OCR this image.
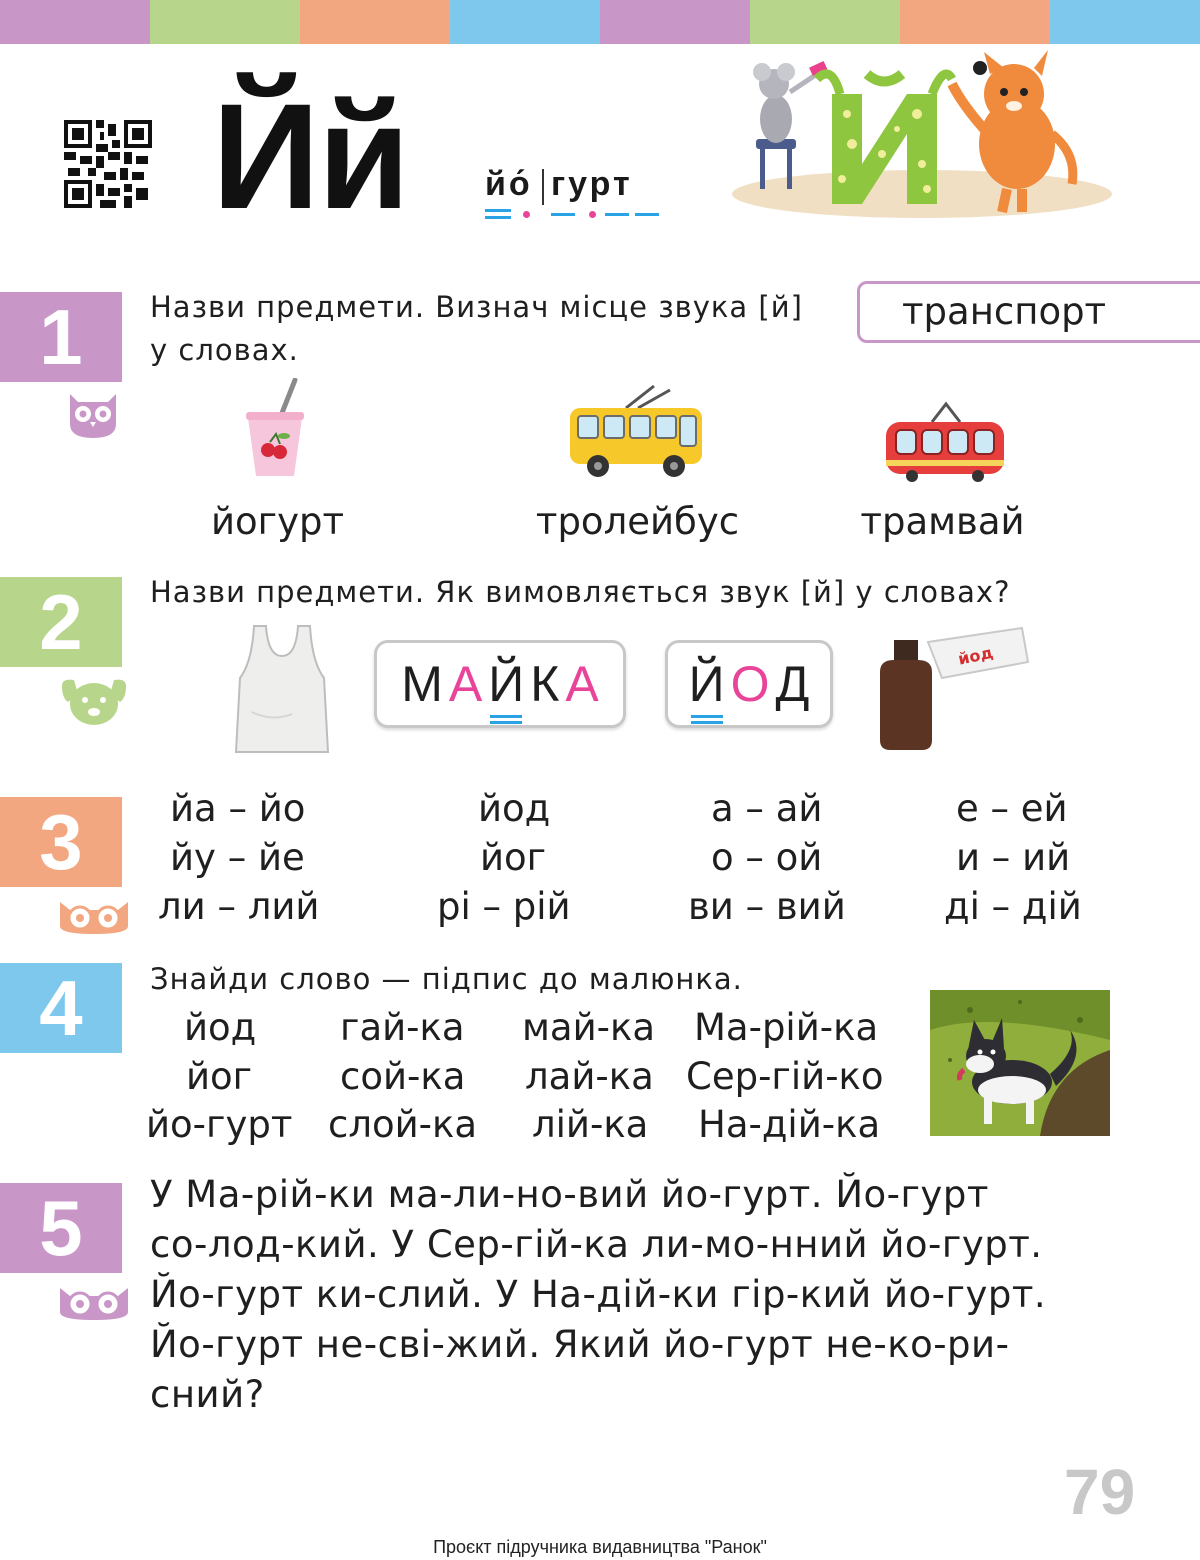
Йй йо́ гурт
1 Назви предмети. Визнач місце звука [й]
у словах.
транспорт
йогурт	тролейбус	трамвай
2 Назви предмети. Як вимовляється звук [й] у словах?
М А Й К А Й О Д
йод
3 йа – йо	йод	а – ай	е – ей
йу – йе	йог	о – ой	и – ий
ли – лий	рі – рій	ви – вий	ді – дій
4 Знайди слово — підпис до малюнка.
йод гай-ка май-ка Ма-рій-ка
йог сой-ка лай-ка Сер-гій-ко
йо-гурт слой-ка лій-ка На-дій-ка
5 У Ма-рій-ки ма-ли-но-вий йо-гурт. Йо-гурт
со-лод-кий. У Сер-гій-ка ли-мо-нний йо-гурт.
Йо-гурт ки-слий. У На-дій-ки гір-кий йо-гурт.
Йо-гурт не-сві-жий. Який йо-гурт не-ко-ри-
сний?
79
Проєкт підручника видавництва "Ранок"
